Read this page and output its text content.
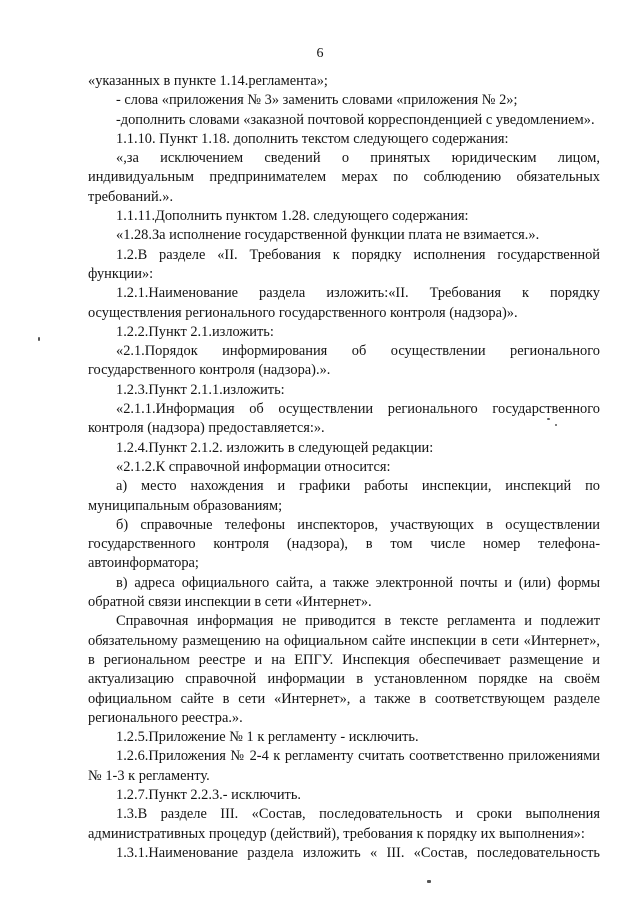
6

«указанных в пункте 1.14.регламента»;

- слова «приложения № 3» заменить словами «приложения № 2»;

-дополнить словами «заказной почтовой корреспонденцией с уведомлением».

1.1.10. Пункт 1.18. дополнить текстом следующего содержания:

«,за исключением сведений о принятых юридическим лицом, индивидуальным предпринимателем мерах по соблюдению обязательных требований.».

1.1.11.Дополнить пунктом 1.28. следующего содержания:

«1.28.За исполнение государственной функции плата не взимается.».

1.2.В разделе «II. Требования к порядку исполнения государственной функции»:

1.2.1.Наименование раздела изложить:«II. Требования к порядку осуществления регионального государственного контроля (надзора)».

1.2.2.Пункт 2.1.изложить:

«2.1.Порядок информирования об осуществлении регионального государственного контроля (надзора).».

1.2.3.Пункт 2.1.1.изложить:

«2.1.1.Информация об осуществлении регионального государственного контроля (надзора) предоставляется:».

1.2.4.Пункт 2.1.2. изложить в следующей редакции:

«2.1.2.К справочной информации относится:

а) место нахождения и графики работы инспекции, инспекций по муниципальным образованиям;

б) справочные телефоны инспекторов, участвующих в осуществлении государственного контроля (надзора), в том числе номер телефона-автоинформатора;

в) адреса официального сайта, а также электронной почты и (или) формы обратной связи инспекции в сети «Интернет».

Справочная информация не приводится в тексте регламента и подлежит обязательному размещению на официальном сайте инспекции в сети «Интернет», в региональном реестре и на ЕПГУ. Инспекция обеспечивает размещение и актуализацию справочной информации в установленном порядке на своём официальном сайте в сети «Интернет», а также в соответствующем разделе регионального реестра.».

1.2.5.Приложение № 1 к регламенту - исключить.

1.2.6.Приложения № 2-4 к регламенту считать соответственно приложениями № 1-3 к регламенту.

1.2.7.Пункт 2.2.3.- исключить.

1.3.В разделе III. «Состав, последовательность и сроки выполнения административных процедур (действий), требования к порядку их выполнения»:

1.3.1.Наименование раздела изложить « III. «Состав, последовательность
